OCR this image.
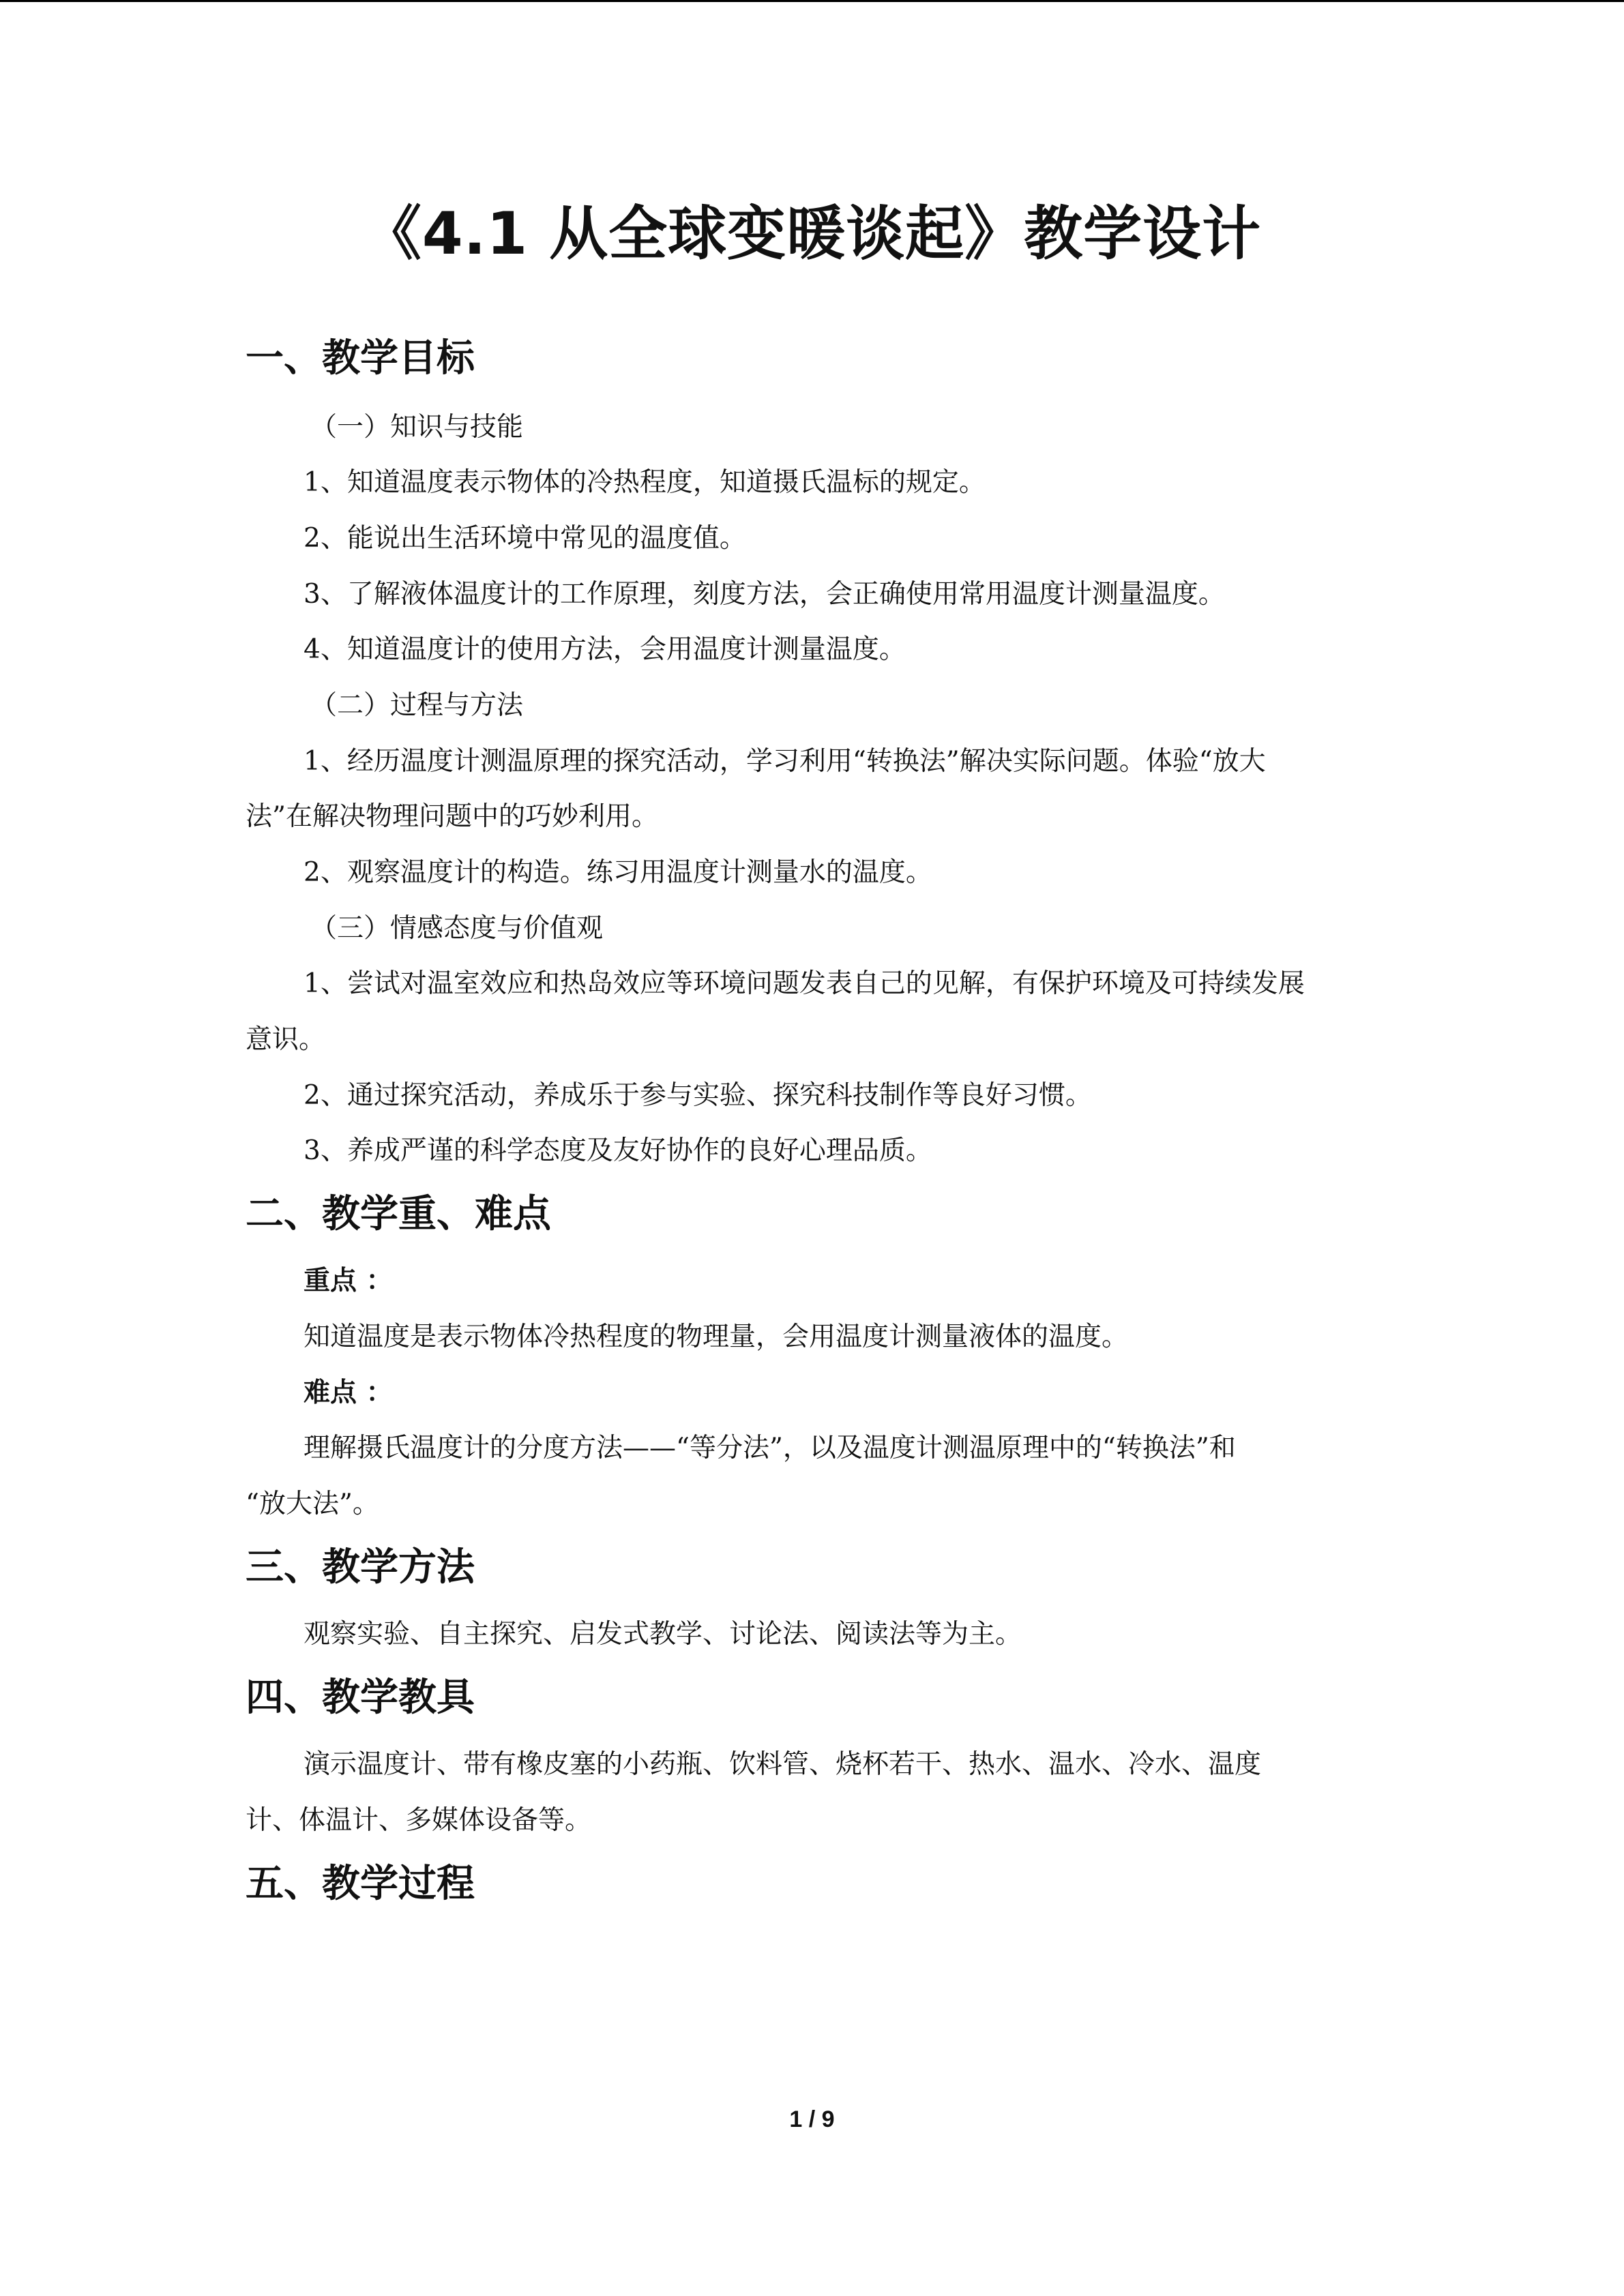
《4.1 从全球变暖谈起》教学设计
一、教学目标

（一）知识与技能

1、知道温度表示物体的冷热程度，知道摄氏温标的规定。

2、能说出生活环境中常见的温度值。

3、了解液体温度计的工作原理，刻度方法，会正确使用常用温度计测量温度。

4、知道温度计的使用方法，会用温度计测量温度。

（二）过程与方法

1、经历温度计测温原理的探究活动，学习利用“转换法”解决实际问题。体验“放大

法”在解决物理问题中的巧妙利用。

2、观察温度计的构造。练习用温度计测量水的温度。

（三）情感态度与价值观

1、尝试对温室效应和热岛效应等环境问题发表自己的见解，有保护环境及可持续发展

意识。

2、通过探究活动，养成乐于参与实验、探究科技制作等良好习惯。

3、养成严谨的科学态度及友好协作的良好心理品质。

二、教学重、难点

重点 ：

知道温度是表示物体冷热程度的物理量，会用温度计测量液体的温度。

难点 ：

理解摄氏温度计的分度方法——“等分法”，以及温度计测温原理中的“转换法”和

“放大法”。

三、教学方法

观察实验、自主探究、启发式教学、讨论法、阅读法等为主。

四、教学教具

演示温度计、带有橡皮塞的小药瓶、饮料管、烧杯若干、热水、温水、冷水、温度

计、体温计、多媒体设备等。

五、教学过程
1 / 9
